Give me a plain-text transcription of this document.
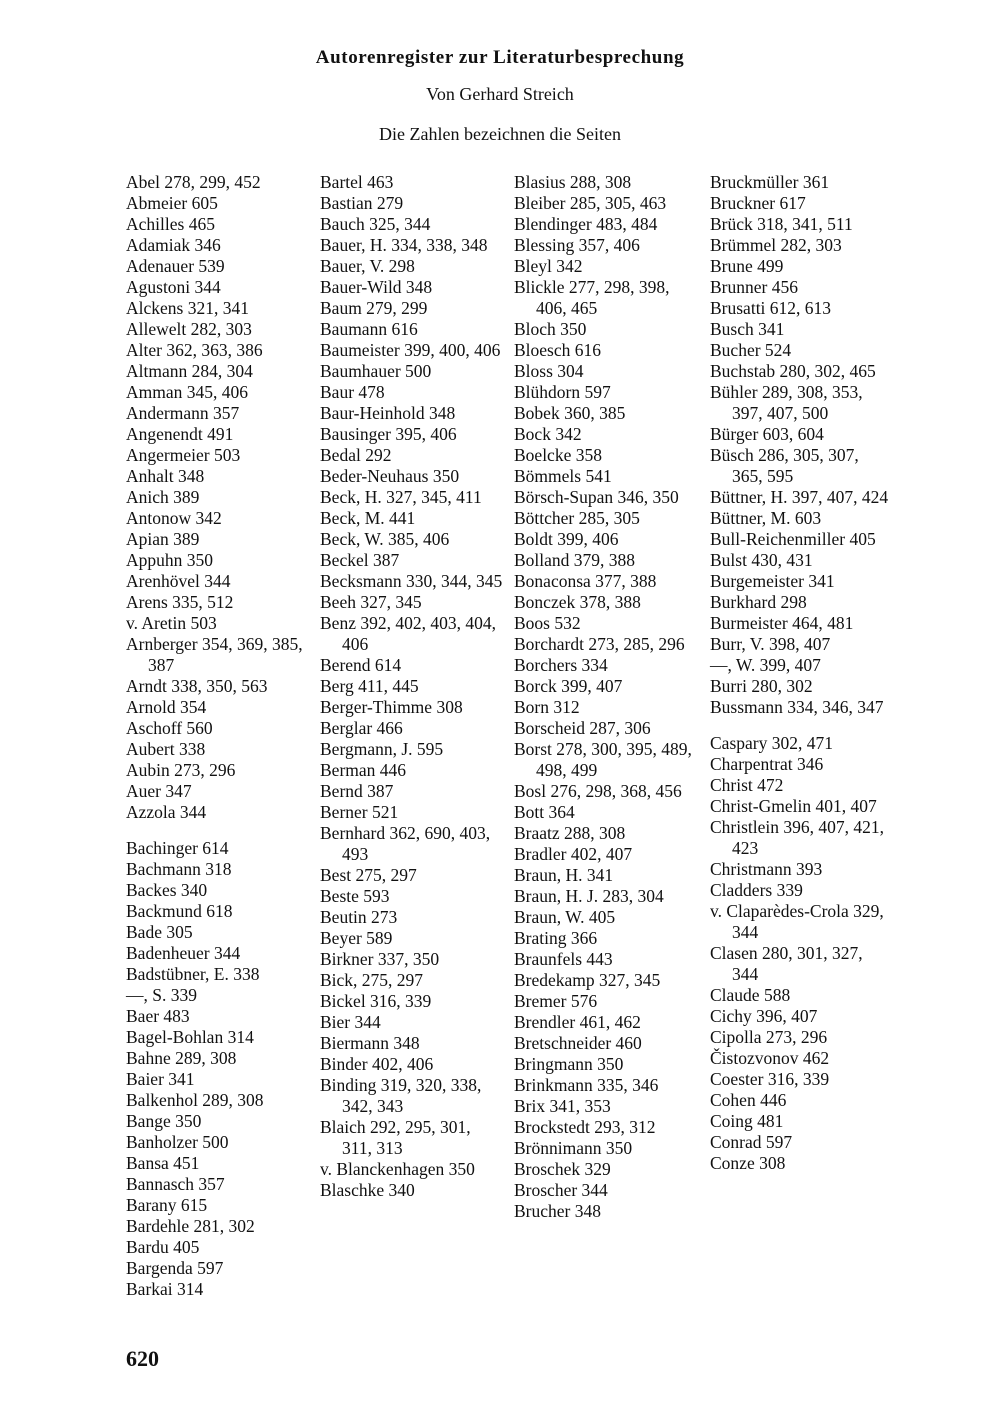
Autorenregister zur Literaturbesprechung

Von Gerhard Streich

Die Zahlen bezeichnen die Seiten

Abel 278, 299, 452
Abmeier 605
Achilles 465
Adamiak 346
Adenauer 539
Agustoni 344
Alckens 321, 341
Allewelt 282, 303
Alter 362, 363, 386
Altmann 284, 304
Amman 345, 406
Andermann 357
Angenendt 491
Angermeier 503
Anhalt 348
Anich 389
Antonow 342
Apian 389
Appuhn 350
Arenhövel 344
Arens 335, 512
v. Aretin 503
Arnberger 354, 369, 385, 387
Arndt 338, 350, 563
Arnold 354
Aschoff 560
Aubert 338
Aubin 273, 296
Auer 347
Azzola 344
Bachinger 614
Bachmann 318
Backes 340
Backmund 618
Bade 305
Badenheuer 344
Badstübner, E. 338
—, S. 339
Baer 483
Bagel-Bohlan 314
Bahne 289, 308
Baier 341
Balkenhol 289, 308
Bange 350
Banholzer 500
Bansa 451
Bannasch 357
Barany 615
Bardehle 281, 302
Bardu 405
Bargenda 597
Barkai 314
Bartel 463
Bastian 279
Bauch 325, 344
Bauer, H. 334, 338, 348
Bauer, V. 298
Bauer-Wild 348
Baum 279, 299
Baumann 616
Baumeister 399, 400, 406
Baumhauer 500
Baur 478
Baur-Heinhold 348
Bausinger 395, 406
Bedal 292
Beder-Neuhaus 350
Beck, H. 327, 345, 411
Beck, M. 441
Beck, W. 385, 406
Beckel 387
Becksmann 330, 344, 345
Beeh 327, 345
Benz 392, 402, 403, 404, 406
Berend 614
Berg 411, 445
Berger-Thimme 308
Berglar 466
Bergmann, J. 595
Berman 446
Bernd 387
Berner 521
Bernhard 362, 690, 403, 493
Best 275, 297
Beste 593
Beutin 273
Beyer 589
Birkner 337, 350
Bick, 275, 297
Bickel 316, 339
Bier 344
Biermann 348
Binder 402, 406
Binding 319, 320, 338, 342, 343
Blaich 292, 295, 301, 311, 313
v. Blanckenhagen 350
Blaschke 340
Blasius 288, 308
Bleiber 285, 305, 463
Blendinger 483, 484
Blessing 357, 406
Bleyl 342
Blickle 277, 298, 398, 406, 465
Bloch 350
Bloesch 616
Bloss 304
Blühdorn 597
Bobek 360, 385
Bock 342
Boelcke 358
Bömmels 541
Börsch-Supan 346, 350
Böttcher 285, 305
Boldt 399, 406
Bolland 379, 388
Bonaconsa 377, 388
Bonczek 378, 388
Boos 532
Borchardt 273, 285, 296
Borchers 334
Borck 399, 407
Born 312
Borscheid 287, 306
Borst 278, 300, 395, 489, 498, 499
Bosl 276, 298, 368, 456
Bott 364
Braatz 288, 308
Bradler 402, 407
Braun, H. 341
Braun, H. J. 283, 304
Braun, W. 405
Brating 366
Braunfels 443
Bredekamp 327, 345
Bremer 576
Brendler 461, 462
Bretschneider 460
Bringmann 350
Brinkmann 335, 346
Brix 341, 353
Brockstedt 293, 312
Brönnimann 350
Broschek 329
Broscher 344
Brucher 348
Bruckmüller 361
Bruckner 617
Brück 318, 341, 511
Brümmel 282, 303
Brune 499
Brunner 456
Brusatti 612, 613
Busch 341
Bucher 524
Buchstab 280, 302, 465
Bühler 289, 308, 353, 397, 407, 500
Bürger 603, 604
Büsch 286, 305, 307, 365, 595
Büttner, H. 397, 407, 424
Büttner, M. 603
Bull-Reichenmiller 405
Bulst 430, 431
Burgemeister 341
Burkhard 298
Burmeister 464, 481
Burr, V. 398, 407
—, W. 399, 407
Burri 280, 302
Bussmann 334, 346, 347
Caspary 302, 471
Charpentrat 346
Christ 472
Christ-Gmelin 401, 407
Christlein 396, 407, 421, 423
Christmann 393
Cladders 339
v. Claparèdes-Crola 329, 344
Clasen 280, 301, 327, 344
Claude 588
Cichy 396, 407
Cipolla 273, 296
Čistozvonov 462
Coester 316, 339
Cohen 446
Coing 481
Conrad 597
Conze 308
620
